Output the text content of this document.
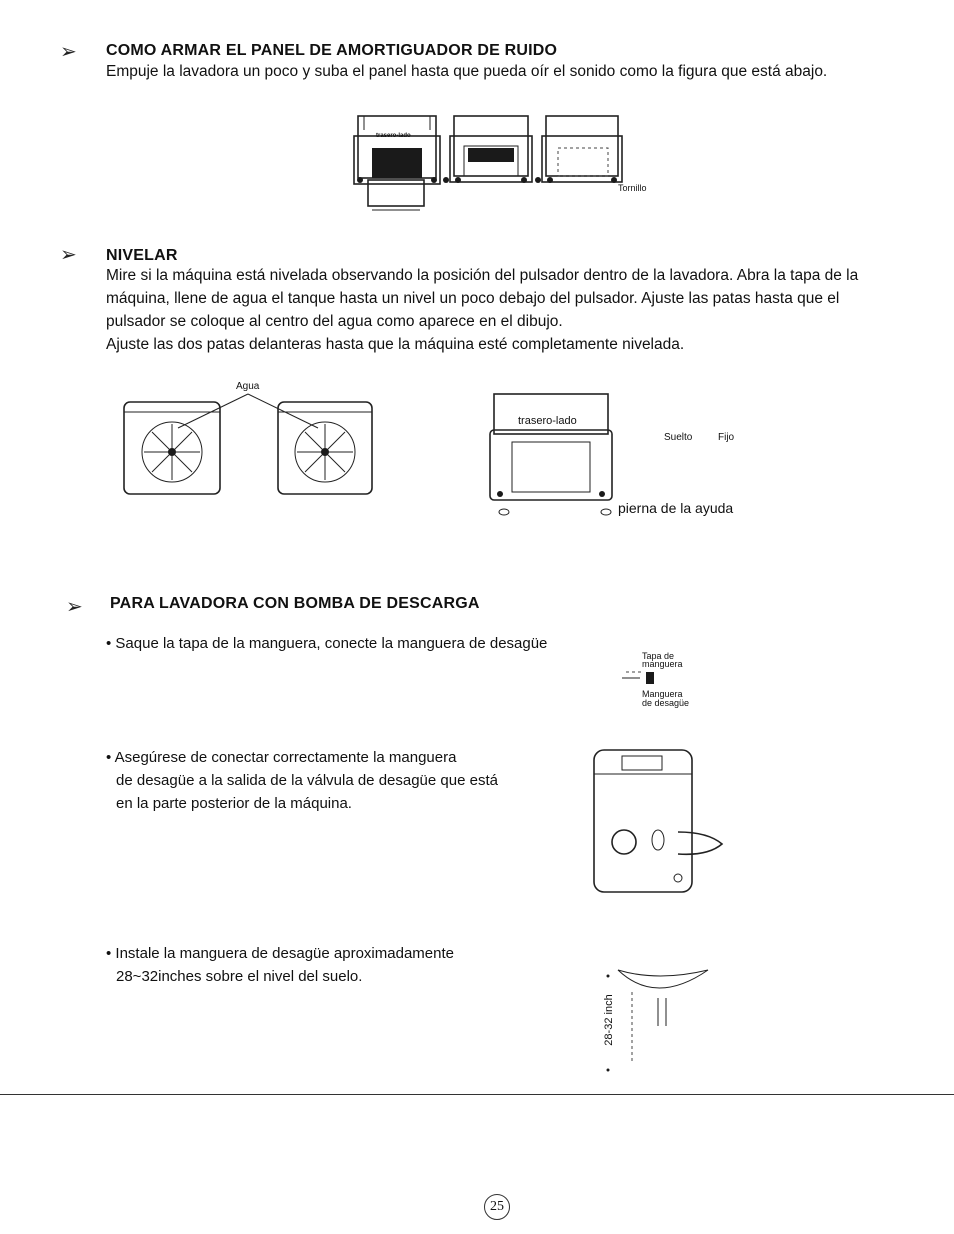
➢ COMO ARMAR EL PANEL DE AMORTIGUADOR DE RUIDO
Empuje la lavadora un poco y suba el panel hasta que pueda oír el sonido como la figura que está abajo.
trasero-lado
Tornillo
➢ NIVELAR
Mire si la máquina está nivelada observando la posición del pulsador dentro de la lavadora. Abra la tapa de la
máquina, llene de agua el tanque hasta un nivel un poco debajo del pulsador. Ajuste las patas hasta que el
pulsador se coloque al centro del agua como aparece en el dibujo.
Ajuste las dos patas delanteras hasta que la máquina esté completamente nivelada.
Agua
trasero-lado
Suelto	Fijo
pierna de la ayuda
➢ PARA LAVADORA CON BOMBA DE DESCARGA
• Saque la tapa de la manguera, conecte la manguera de desagüe
Tapa de
manguera
Manguera
de desagüe
• Asegúrese de conectar correctamente la manguera
de desagüe a la salida de la válvula de desagüe que está
en la parte posterior de la máquina.
• Instale la manguera de desagüe aproximadamente
28~32inches sobre el nivel del suelo.
28-32 inch
25
